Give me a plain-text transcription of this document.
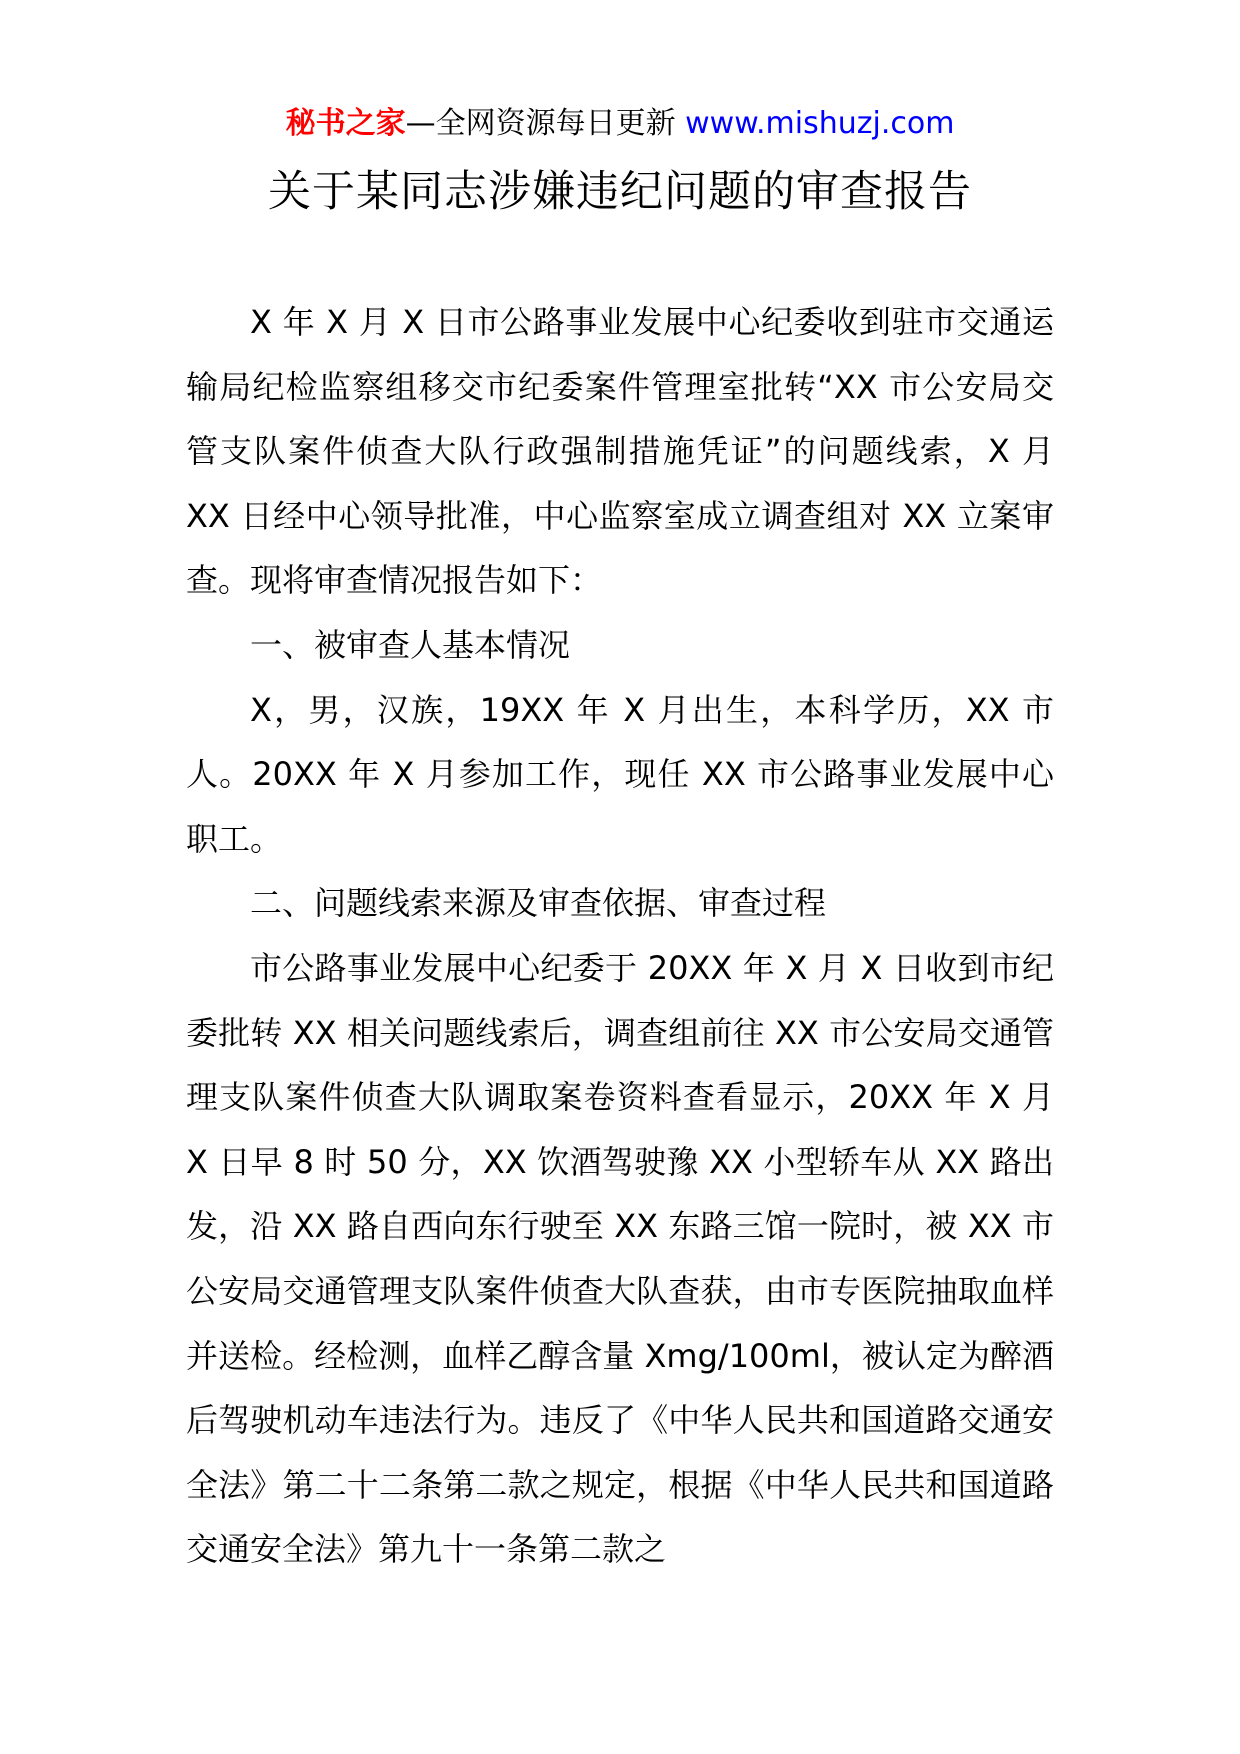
秘书之家—全网资源每日更新 www.mishuzj.com
关于某同志涉嫌违纪问题的审查报告

X 年 X 月 X 日市公路事业发展中心纪委收到驻市交通运输局纪检监察组移交市纪委案件管理室批转“XX 市公安局交管支队案件侦查大队行政强制措施凭证”的问题线索，X 月 XX 日经中心领导批准，中心监察室成立调查组对 XX 立案审查。现将审查情况报告如下：

一、被审查人基本情况

X，男，汉族，19XX 年 X 月出生，本科学历，XX 市人。20XX 年 X 月参加工作，现任 XX 市公路事业发展中心职工。

二、问题线索来源及审查依据、审查过程

市公路事业发展中心纪委于 20XX 年 X 月 X 日收到市纪委批转 XX 相关问题线索后，调查组前往 XX 市公安局交通管理支队案件侦查大队调取案卷资料查看显示，20XX 年 X 月 X 日早 8 时 50 分，XX 饮酒驾驶豫 XX 小型轿车从 XX 路出发，沿 XX 路自西向东行驶至 XX 东路三馆一院时，被 XX 市公安局交通管理支队案件侦查大队查获，由市专医院抽取血样并送检。经检测，血样乙醇含量 Xmg/100ml，被认定为醉酒后驾驶机动车违法行为。违反了《中华人民共和国道路交通安全法》第二十二条第二款之规定，根据《中华人民共和国道路交通安全法》第九十一条第二款之
